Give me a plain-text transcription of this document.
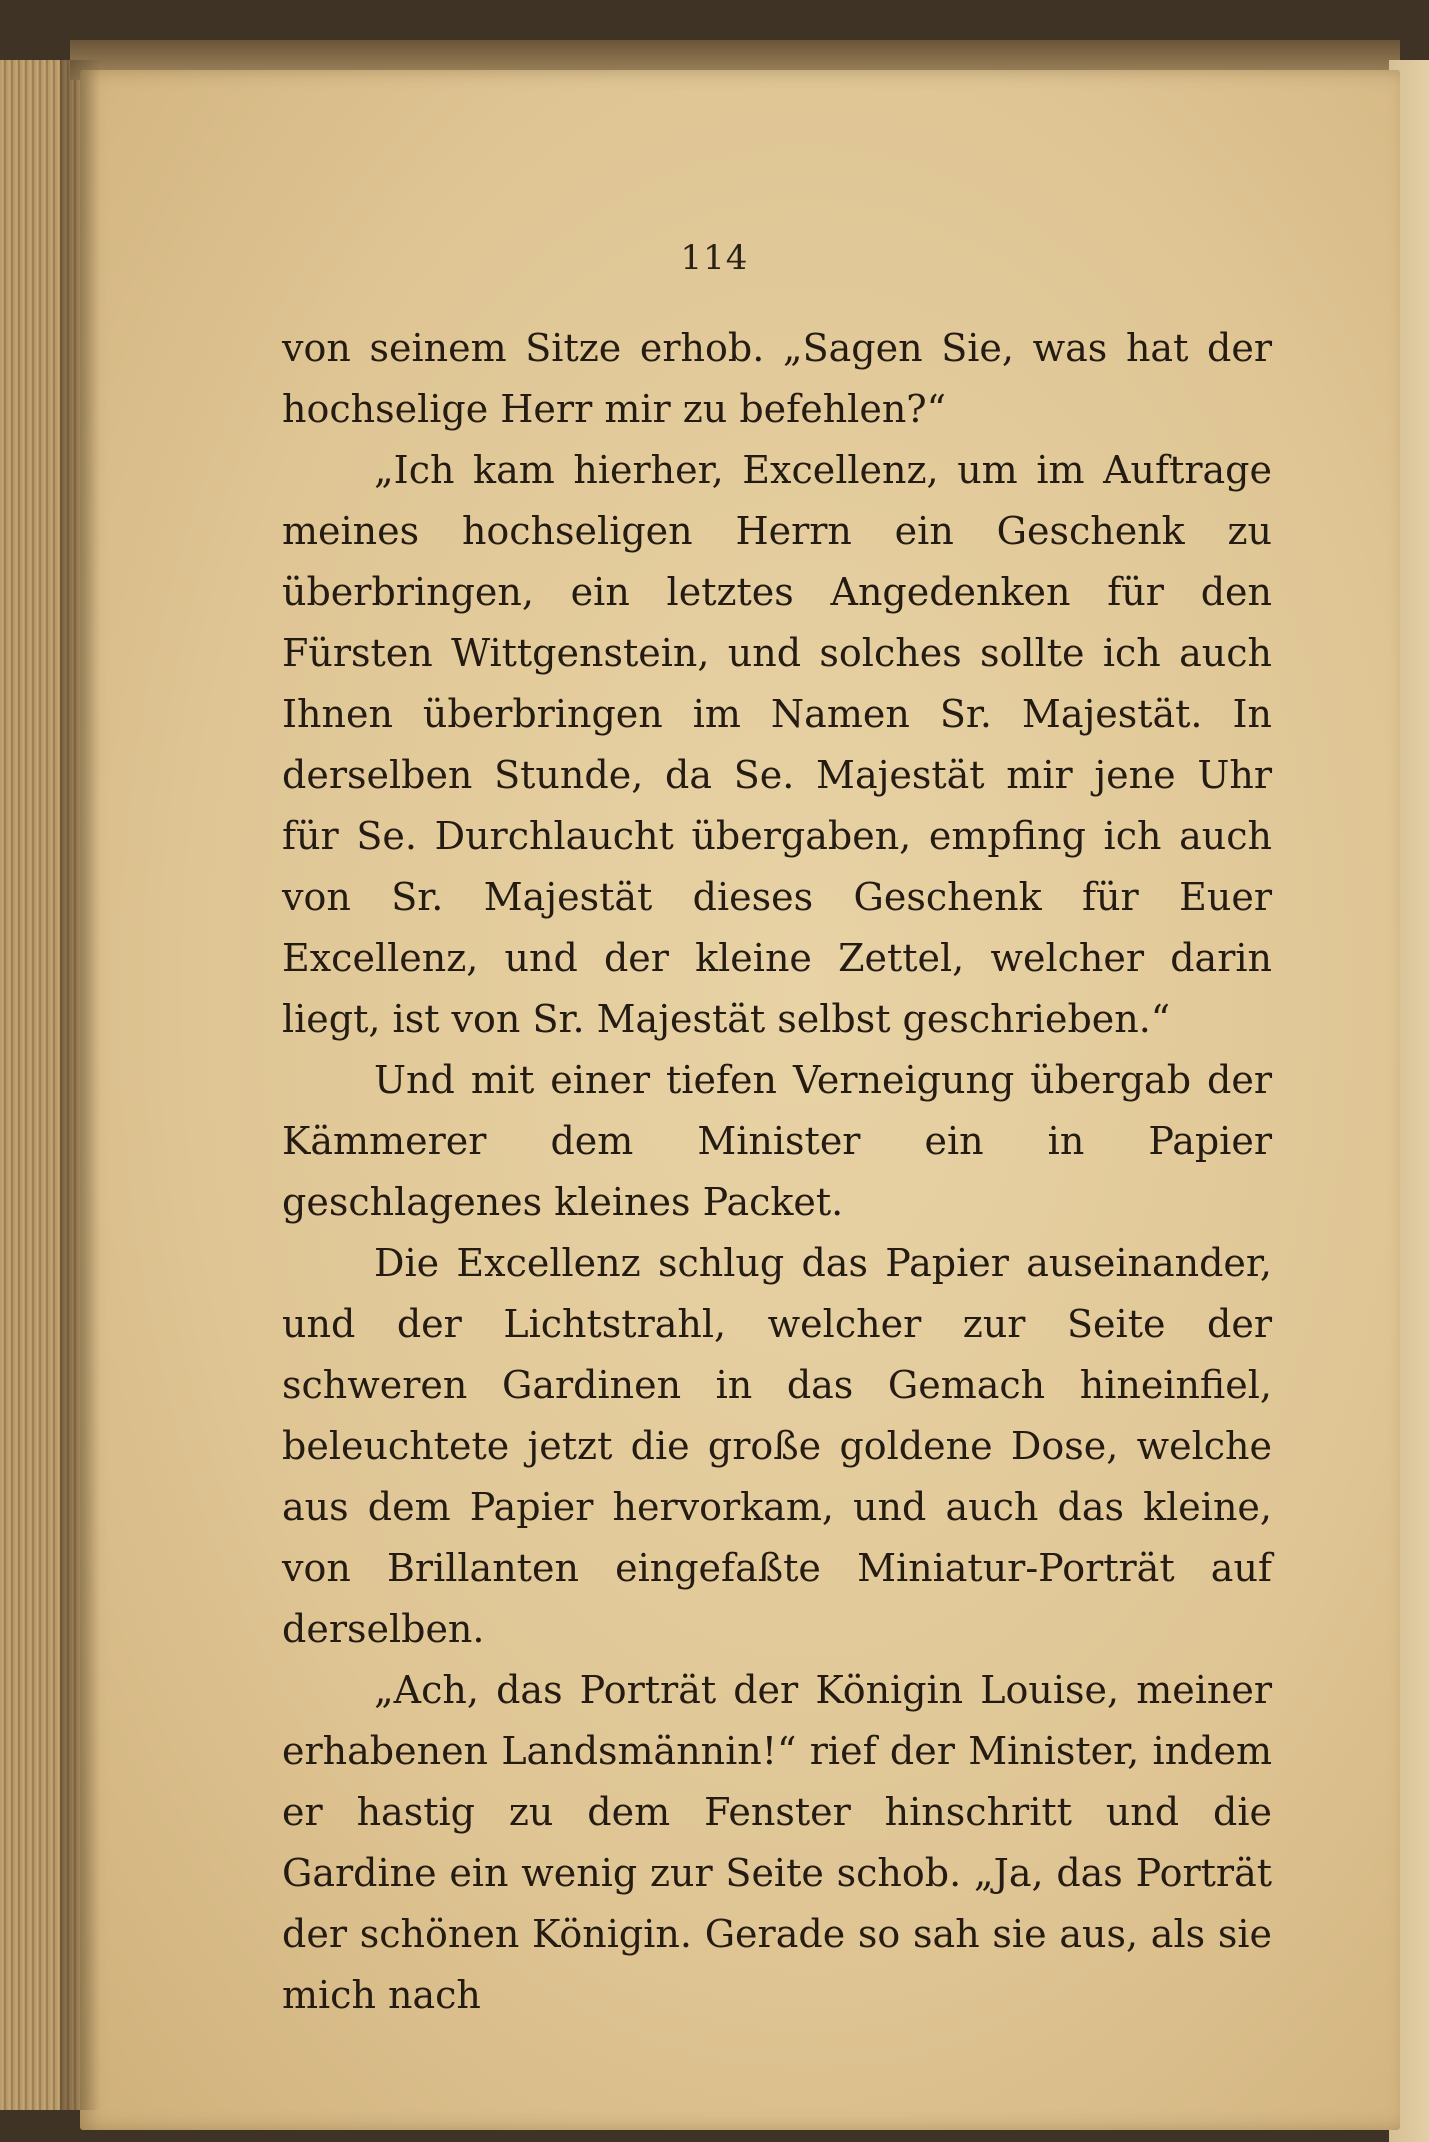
114

von seinem Sitze erhob. „Sagen Sie, was hat der hochselige Herr mir zu befehlen?“

„Ich kam hierher, Excellenz, um im Auftrage meines hochseligen Herrn ein Geschenk zu überbringen, ein letztes Angedenken für den Fürsten Wittgenstein, und solches sollte ich auch Ihnen überbringen im Namen Sr. Majestät. In derselben Stunde, da Se. Majestät mir jene Uhr für Se. Durchlaucht übergaben, empfing ich auch von Sr. Majestät dieses Geschenk für Euer Excellenz, und der kleine Zettel, welcher darin liegt, ist von Sr. Majestät selbst geschrieben.“

Und mit einer tiefen Verneigung übergab der Kämmerer dem Minister ein in Papier geschlagenes kleines Packet.

Die Excellenz schlug das Papier auseinander, und der Lichtstrahl, welcher zur Seite der schweren Gardinen in das Gemach hineinfiel, beleuchtete jetzt die große goldene Dose, welche aus dem Papier hervorkam, und auch das kleine, von Brillanten eingefaßte Miniatur-Porträt auf derselben.

„Ach, das Porträt der Königin Louise, meiner erhabenen Landsmännin!“ rief der Minister, indem er hastig zu dem Fenster hinschritt und die Gardine ein wenig zur Seite schob. „Ja, das Porträt der schönen Königin. Gerade so sah sie aus, als sie mich nach
